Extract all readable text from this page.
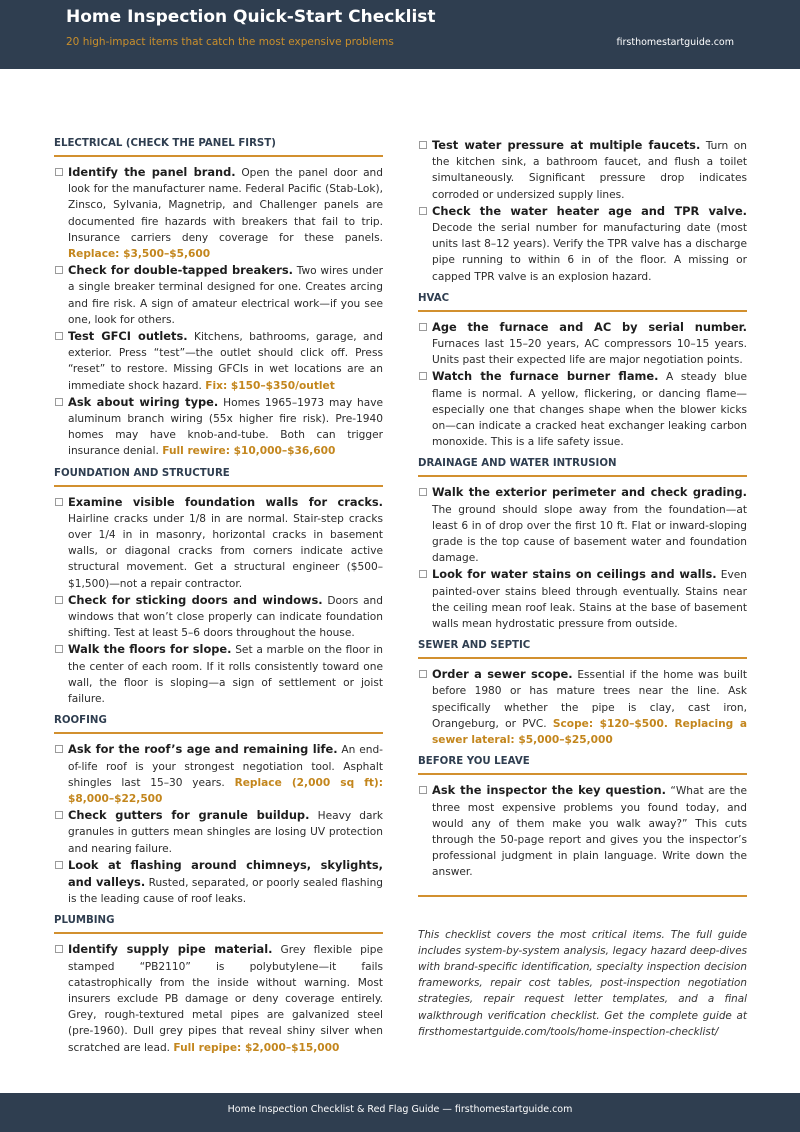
Home Inspection Quick-Start Checklist
20 high-impact items that catch the most expensive problems	firsthomestartguide.com
ELECTRICAL (CHECK THE PANEL FIRST)
Identify the panel brand. Open the panel door and look for the manufacturer name. Federal Pacific (Stab-Lok), Zinsco, Sylvania, Magnetrip, and Challenger panels are documented fire hazards with breakers that fail to trip. Insurance carriers deny coverage for these panels. Replace: $3,500–$5,600
Check for double-tapped breakers. Two wires under a single breaker terminal designed for one. Creates arcing and fire risk. A sign of amateur electrical work—if you see one, look for others.
Test GFCI outlets. Kitchens, bathrooms, garage, and exterior. Press “test”—the outlet should click off. Press “reset” to restore. Missing GFCIs in wet locations are an immediate shock hazard. Fix: $150–$350/outlet
Ask about wiring type. Homes 1965–1973 may have aluminum branch wiring (55x higher fire risk). Pre-1940 homes may have knob-and-tube. Both can trigger insurance denial. Full rewire: $10,000–$36,600
FOUNDATION AND STRUCTURE
Examine visible foundation walls for cracks. Hairline cracks under 1/8 in are normal. Stair-step cracks over 1/4 in in masonry, horizontal cracks in basement walls, or diagonal cracks from corners indicate active structural movement. Get a structural engineer ($500–$1,500)—not a repair contractor.
Check for sticking doors and windows. Doors and windows that won’t close properly can indicate foundation shifting. Test at least 5–6 doors throughout the house.
Walk the floors for slope. Set a marble on the floor in the center of each room. If it rolls consistently toward one wall, the floor is sloping—a sign of settlement or joist failure.
ROOFING
Ask for the roof’s age and remaining life. An end-of-life roof is your strongest negotiation tool. Asphalt shingles last 15–30 years. Replace (2,000 sq ft): $8,000–$22,500
Check gutters for granule buildup. Heavy dark granules in gutters mean shingles are losing UV protection and nearing failure.
Look at flashing around chimneys, skylights, and valleys. Rusted, separated, or poorly sealed flashing is the leading cause of roof leaks.
PLUMBING
Identify supply pipe material. Grey flexible pipe stamped “PB2110” is polybutylene—it fails catastrophically from the inside without warning. Most insurers exclude PB damage or deny coverage entirely. Grey, rough-textured metal pipes are galvanized steel (pre-1960). Dull grey pipes that reveal shiny silver when scratched are lead. Full repipe: $2,000–$15,000
Test water pressure at multiple faucets. Turn on the kitchen sink, a bathroom faucet, and flush a toilet simultaneously. Significant pressure drop indicates corroded or undersized supply lines.
Check the water heater age and TPR valve. Decode the serial number for manufacturing date (most units last 8–12 years). Verify the TPR valve has a discharge pipe running to within 6 in of the floor. A missing or capped TPR valve is an explosion hazard.
HVAC
Age the furnace and AC by serial number. Furnaces last 15–20 years, AC compressors 10–15 years. Units past their expected life are major negotiation points.
Watch the furnace burner flame. A steady blue flame is normal. A yellow, flickering, or dancing flame—especially one that changes shape when the blower kicks on—can indicate a cracked heat exchanger leaking carbon monoxide. This is a life safety issue.
DRAINAGE AND WATER INTRUSION
Walk the exterior perimeter and check grading. The ground should slope away from the foundation—at least 6 in of drop over the first 10 ft. Flat or inward-sloping grade is the top cause of basement water and foundation damage.
Look for water stains on ceilings and walls. Even painted-over stains bleed through eventually. Stains near the ceiling mean roof leak. Stains at the base of basement walls mean hydrostatic pressure from outside.
SEWER AND SEPTIC
Order a sewer scope. Essential if the home was built before 1980 or has mature trees near the line. Ask specifically whether the pipe is clay, cast iron, Orangeburg, or PVC. Scope: $120–$500. Replacing a sewer lateral: $5,000–$25,000
BEFORE YOU LEAVE
Ask the inspector the key question. “What are the three most expensive problems you found today, and would any of them make you walk away?” This cuts through the 50-page report and gives you the inspector’s professional judgment in plain language. Write down the answer.
This checklist covers the most critical items. The full guide includes system-by-system analysis, legacy hazard deep-dives with brand-specific identification, specialty inspection decision frameworks, repair cost tables, post-inspection negotiation strategies, repair request letter templates, and a final walkthrough verification checklist. Get the complete guide at firsthomestartguide.com/tools/home-inspection-checklist/
Home Inspection Checklist & Red Flag Guide — firsthomestartguide.com
